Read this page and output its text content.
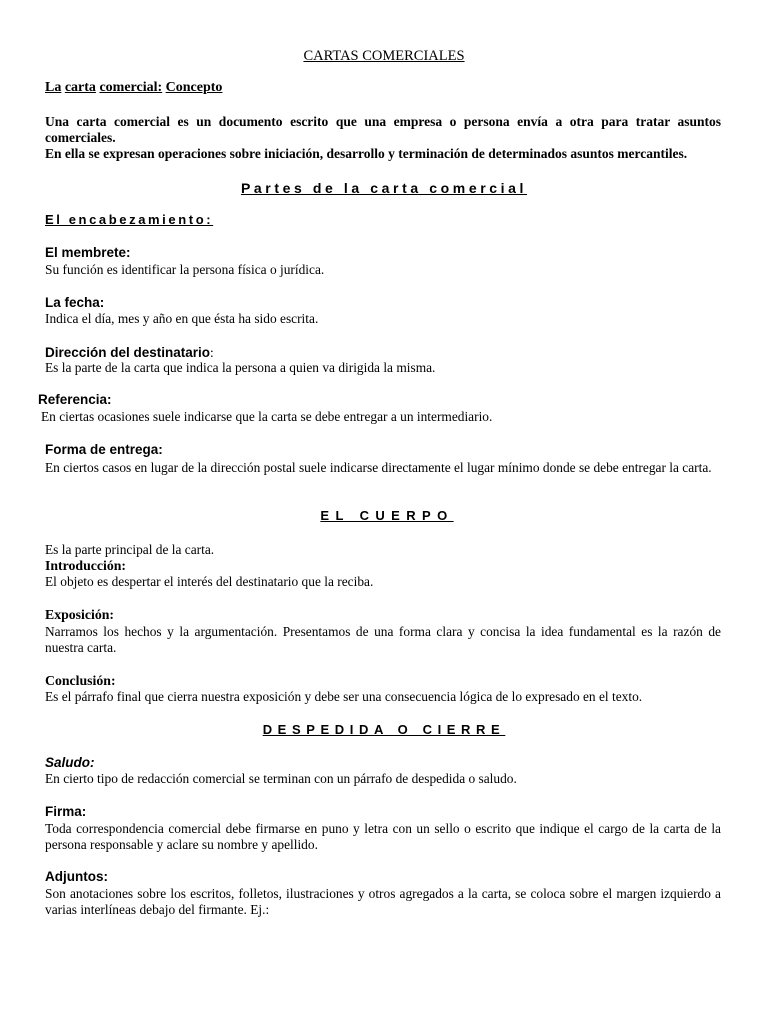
CARTAS COMERCIALES
La carta comercial: Concepto
Una carta comercial es un documento escrito que una empresa o persona envía a otra para tratar asuntos comerciales.
En ella se expresan operaciones sobre iniciación, desarrollo y terminación de determinados asuntos mercantiles.
Partes de la carta comercial
El encabezamiento:
El membrete:
Su función es identificar la persona física o jurídica.
La fecha:
Indica el día, mes y año en que ésta ha sido escrita.
Dirección del destinatario:
Es la parte de la carta que indica la persona a quien va dirigida la misma.
Referencia:
En ciertas ocasiones suele indicarse que la carta se debe entregar a un intermediario.
Forma de entrega:
En ciertos casos en lugar de la dirección postal suele indicarse directamente el lugar mínimo donde se debe entregar la carta.
EL CUERPO
Es la parte principal de la carta.
Introducción:
El objeto es despertar el interés del destinatario que la reciba.
Exposición:
Narramos los hechos y la argumentación. Presentamos de una forma clara y concisa la idea fundamental es la razón de nuestra carta.
Conclusión:
Es el párrafo final que cierra nuestra exposición y debe ser una consecuencia lógica de lo expresado en el texto.
DESPEDIDA O CIERRE
Saludo:
En cierto tipo de redacción comercial se terminan con un párrafo de despedida o saludo.
Firma:
Toda correspondencia comercial debe firmarse en puno y letra con un sello o escrito que indique el cargo de la carta de la persona responsable y aclare su nombre y apellido.
Adjuntos:
Son anotaciones sobre los escritos, folletos, ilustraciones y otros agregados a la carta, se coloca sobre el margen izquierdo a varias interlíneas debajo del firmante. Ej.:
